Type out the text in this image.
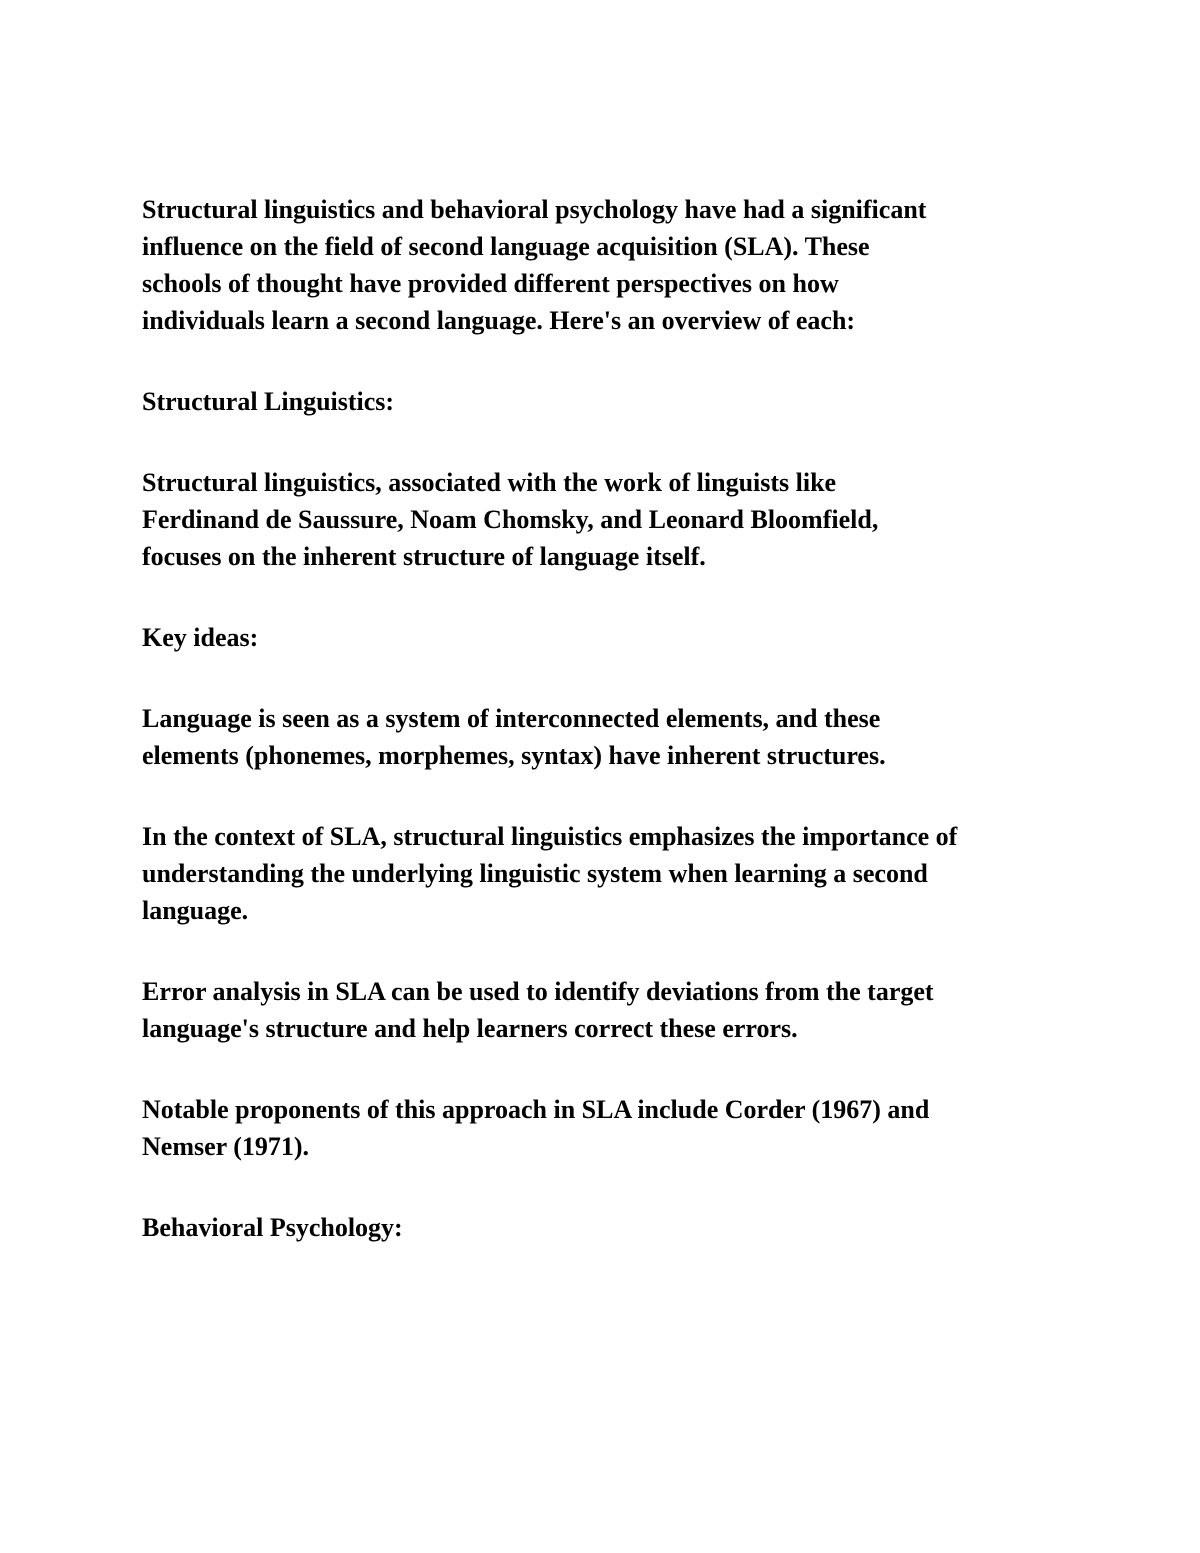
Structural linguistics and behavioral psychology have had a significant
influence on the field of second language acquisition (SLA). These
schools of thought have provided different perspectives on how
individuals learn a second language. Here's an overview of each:

Structural Linguistics:

Structural linguistics, associated with the work of linguists like
Ferdinand de Saussure, Noam Chomsky, and Leonard Bloomfield,
focuses on the inherent structure of language itself.

Key ideas:

Language is seen as a system of interconnected elements, and these
elements (phonemes, morphemes, syntax) have inherent structures.

In the context of SLA, structural linguistics emphasizes the importance of
understanding the underlying linguistic system when learning a second
language.

Error analysis in SLA can be used to identify deviations from the target
language's structure and help learners correct these errors.

Notable proponents of this approach in SLA include Corder (1967) and
Nemser (1971).

Behavioral Psychology:
